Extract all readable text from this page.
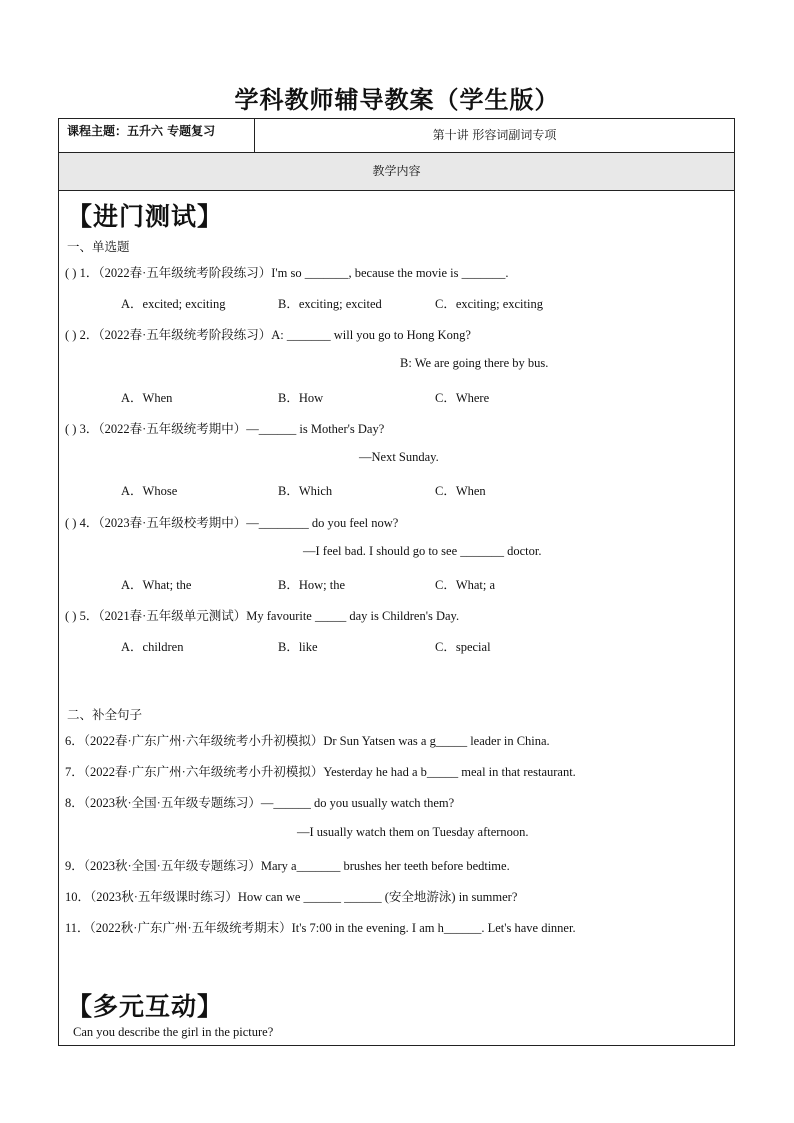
学科教师辅导教案（学生版）
课程主题：五升六 专题复习	第十讲 形容词副词专项
教学内容
【进门测试】
一、单选题
( ) 1．（2022春·五年级统考阶段练习）I'm so _______, because the movie is _______.
A．excited; exciting	B．exciting; excited	C．exciting; exciting
( ) 2．（2022春·五年级统考阶段练习）A: _______ will you go to Hong Kong?
B: We are going there by bus.
A．When	B．How	C．Where
( ) 3．（2022春·五年级统考期中）—______ is Mother's Day?
—Next Sunday.
A．Whose	B．Which	C．When
( ) 4．（2023春·五年级校考期中）—________ do you feel now?
—I feel bad. I should go to see _______ doctor.
A．What; the	B．How; the	C．What; a
( ) 5．（2021春·五年级单元测试）My favourite _____ day is Children's Day.
A．children	B．like	C．special
二、补全句子
6．（2022春·广东广州·六年级统考小升初模拟）Dr Sun Yatsen was a g_____ leader in China.
7．（2022春·广东广州·六年级统考小升初模拟）Yesterday he had a b_____ meal in that restaurant.
8．（2023秋·全国·五年级专题练习）—______ do you usually watch them?
—I usually watch them on Tuesday afternoon.
9．（2023秋·全国·五年级专题练习）Mary a_______ brushes her teeth before bedtime.
10．（2023秋·五年级课时练习）How can we ______ ______ (安全地游泳) in summer?
11．（2022秋·广东广州·五年级统考期末）It's 7:00 in the evening. I am h______. Let's have dinner.
【多元互动】
Can you describe the girl in the picture?
